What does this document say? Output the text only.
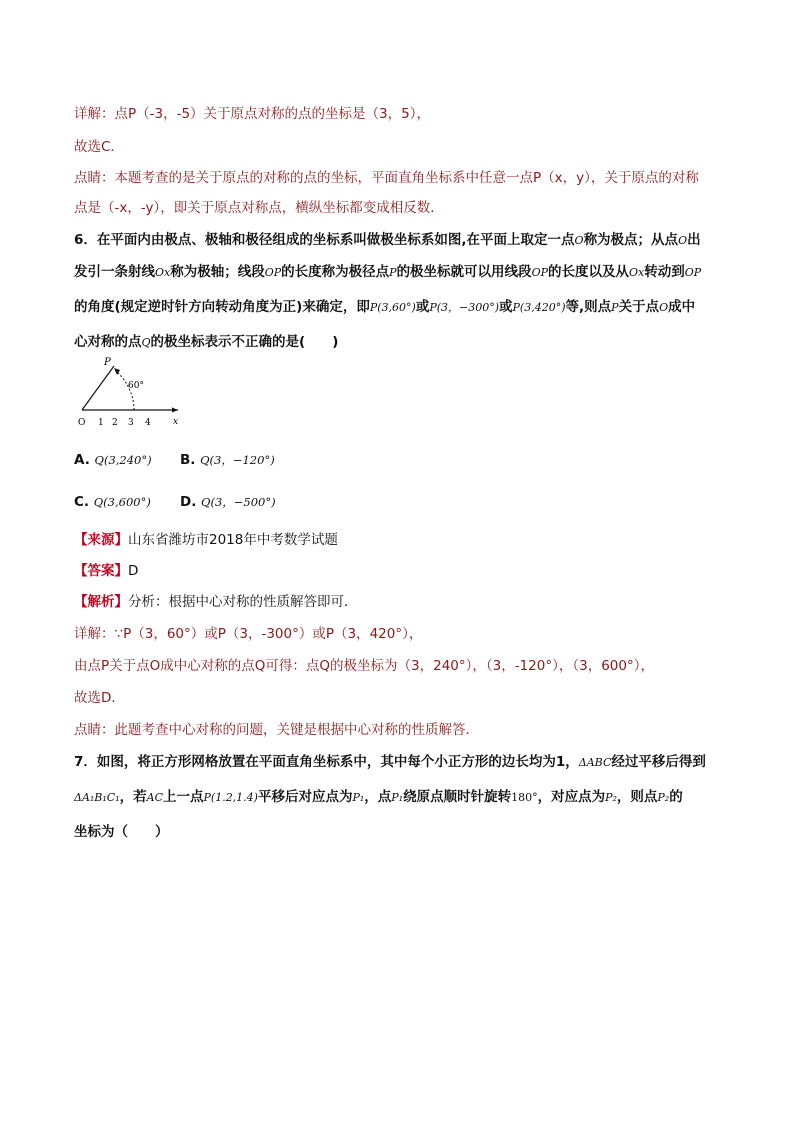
详解：点P（-3，-5）关于原点对称的点的坐标是（3，5），
故选C．
点睛：本题考查的是关于原点的对称的点的坐标，平面直角坐标系中任意一点P（x，y），关于原点的对称
点是（-x，-y），即关于原点对称点，横纵坐标都变成相反数．
6．在平面内由极点、极轴和极径组成的坐标系叫做极坐标系如图,在平面上取定一点O称为极点；从点O出
发引一条射线Ox称为极轴；线段OP的长度称为极径点P的极坐标就可以用线段OP的长度以及从Ox转动到OP
的角度(规定逆时针方向转动角度为正)来确定，即P(3,60°)或P(3，−300°)或P(3,420°)等,则点P关于点O成中
心对称的点Q的极坐标表示不正确的是(　　)
P
60°
O 1 2 3 4 x
A. Q(3,240°) B. Q(3，−120°)
C. Q(3,600°) D. Q(3，−500°)
【来源】山东省潍坊市2018年中考数学试题
【答案】D
【解析】分析：根据中心对称的性质解答即可．
详解：∵P（3，60°）或P（3，-300°）或P（3，420°），
由点P关于点O成中心对称的点Q可得：点Q的极坐标为（3，240°），（3，-120°），（3，600°），
故选D．
点睛：此题考查中心对称的问题，关键是根据中心对称的性质解答．
7．如图，将正方形网格放置在平面直角坐标系中，其中每个小正方形的边长均为1，ΔABC经过平移后得到
ΔA₁B₁C₁，若AC上一点P(1.2,1.4)平移后对应点为P₁，点P₁绕原点顺时针旋转180°，对应点为P₂，则点P₂的
坐标为（　　）
